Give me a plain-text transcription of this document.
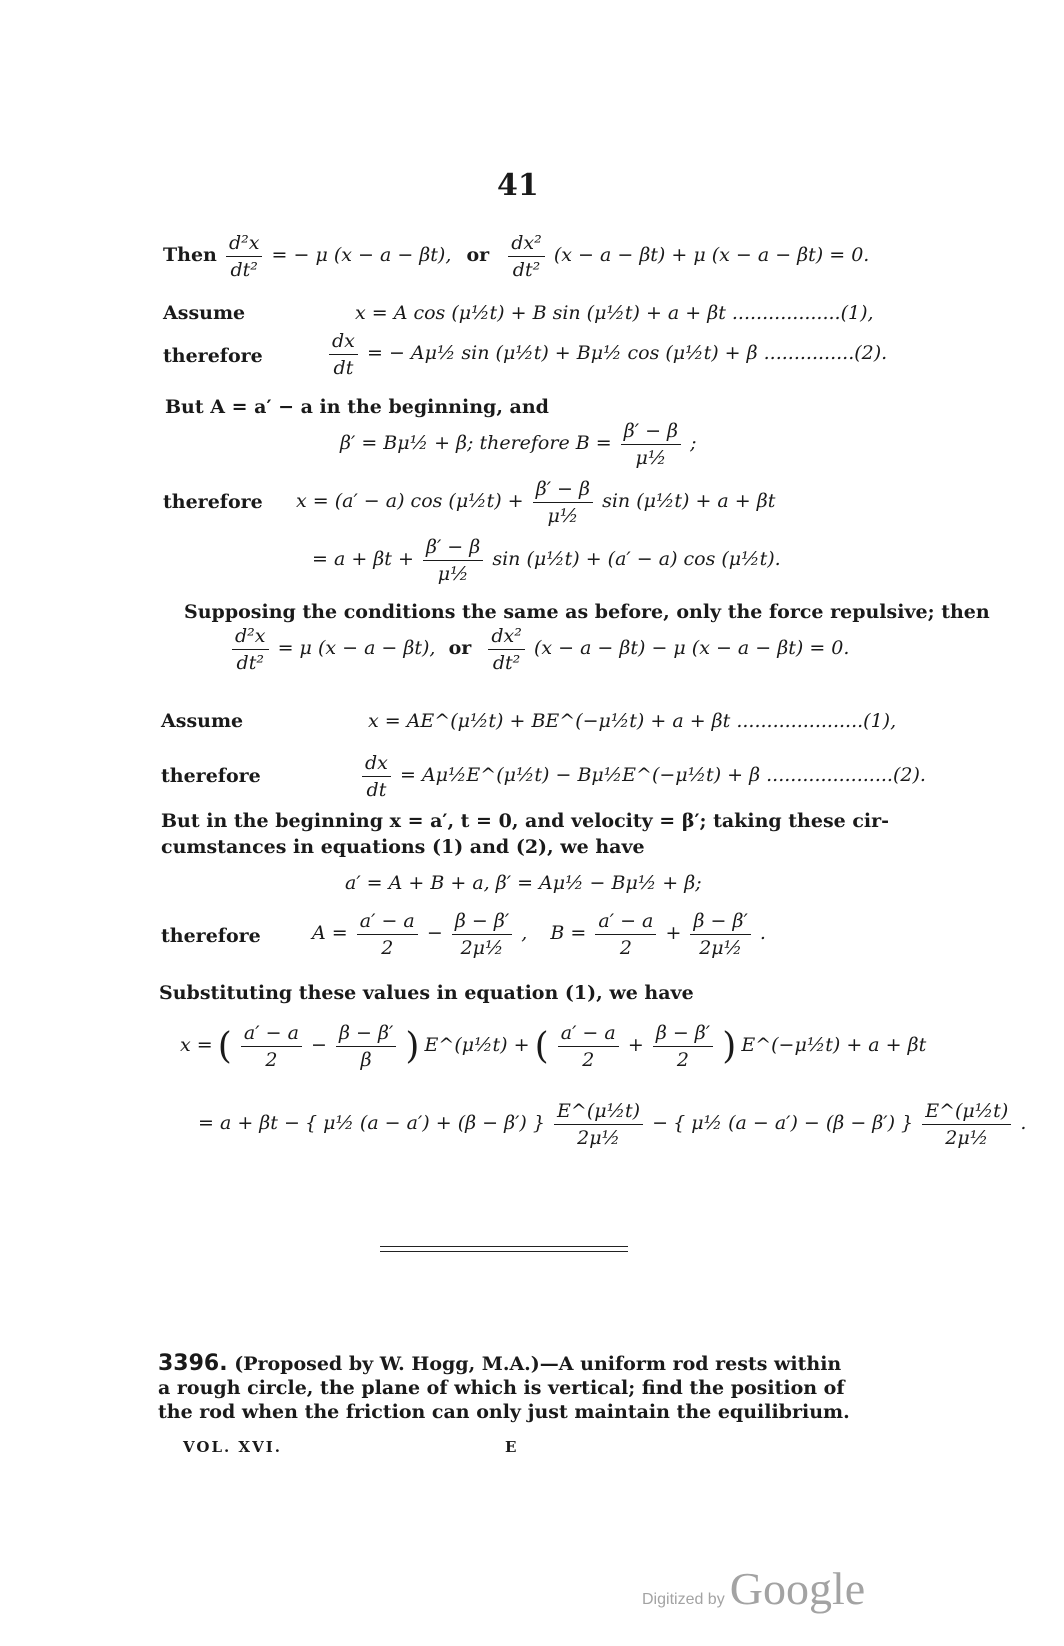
41
Then $\frac{\text{d²x}}{\text{dt²}}$ = − μ (x − a − βt), or $\frac{\text{dx²}}{\text{dt²}} (x - a - \beta t) + \mu$ (x − a − βt) = 0.
Assume	x = A cos (μ½t) + B sin (μ½t) + a + βt ..................(1),
therefore	$\frac{dx}{dt}$ = − Aμ½ sin (μ½t) + Bμ½ cos (μ½t) + β ...............(2).
But A = a′ − a in the beginning, and
β′ = Bμ½ + β; therefore $B = \frac{\beta' - \beta}{\text{μ½}}$ ;
therefore x = (a′ − a) cos (μ½t) + $\frac{\beta' - \beta}{\text{μ½}}$ sin (μ½t) + a + βt
= $a + \beta t + \frac{\beta' - \beta}{\text{μ½}}$ sin (μ½t) + (a′ − a) cos (μ½t).
Supposing the conditions the same as before, only the force repulsive; then
$\frac{\text{d²x}}{\text{dt²}} = \mu$ (x − a − βt), or $\frac{\text{dx²}}{\text{dt²}} (x - a - \beta t) - \mu$ (x − a − βt) = 0.
Assume	x = AE^(μ½t) + BE^(−μ½t) + a + βt .....................(1),
therefore	$\frac{dx}{dt}$ = Aμ½E^(μ½t) − Bμ½E^(−μ½t) + β .....................(2).
But in the beginning x = a′, t = 0, and velocity = β′; taking these cir-
cumstances in equations (1) and (2), we have
a′ = A + B + a, β′ = Aμ½ − Bμ½ + β;
therefore	$A = \frac{a' - a}{2} - \frac{\beta - \beta'}{\text{2μ½}}$ , $B = \frac{a' - a}{2} + \frac{\beta - \beta'}{\text{2μ½}}$ .
Substituting these values in equation (1), we have
x = ( $\frac{a' - a}{2} - \frac{\beta - \beta'}{\beta}$ ) E^(μ½t) + ( $\frac{a' - a}{2} + \frac{\beta - \beta'}{2}$ ) E^(−μ½t) + a + βt
= a + βt − { μ½ (a − a′) + (β − β′) } $\frac{\text{E\textasciicircum{}(μ½t)}}{\text{2μ½}}$ − { μ½ (a − a′) − (β − β′) } $\frac{\text{E\textasciicircum{}(μ½t)}}{\text{2μ½}}$ .
3396. (Proposed by W. Hogg, M.A.)—A uniform rod rests within a rough circle, the plane of which is vertical; find the position of the rod when the friction can only just maintain the equilibrium.
VOL. XVI.	E
Digitized by Google
